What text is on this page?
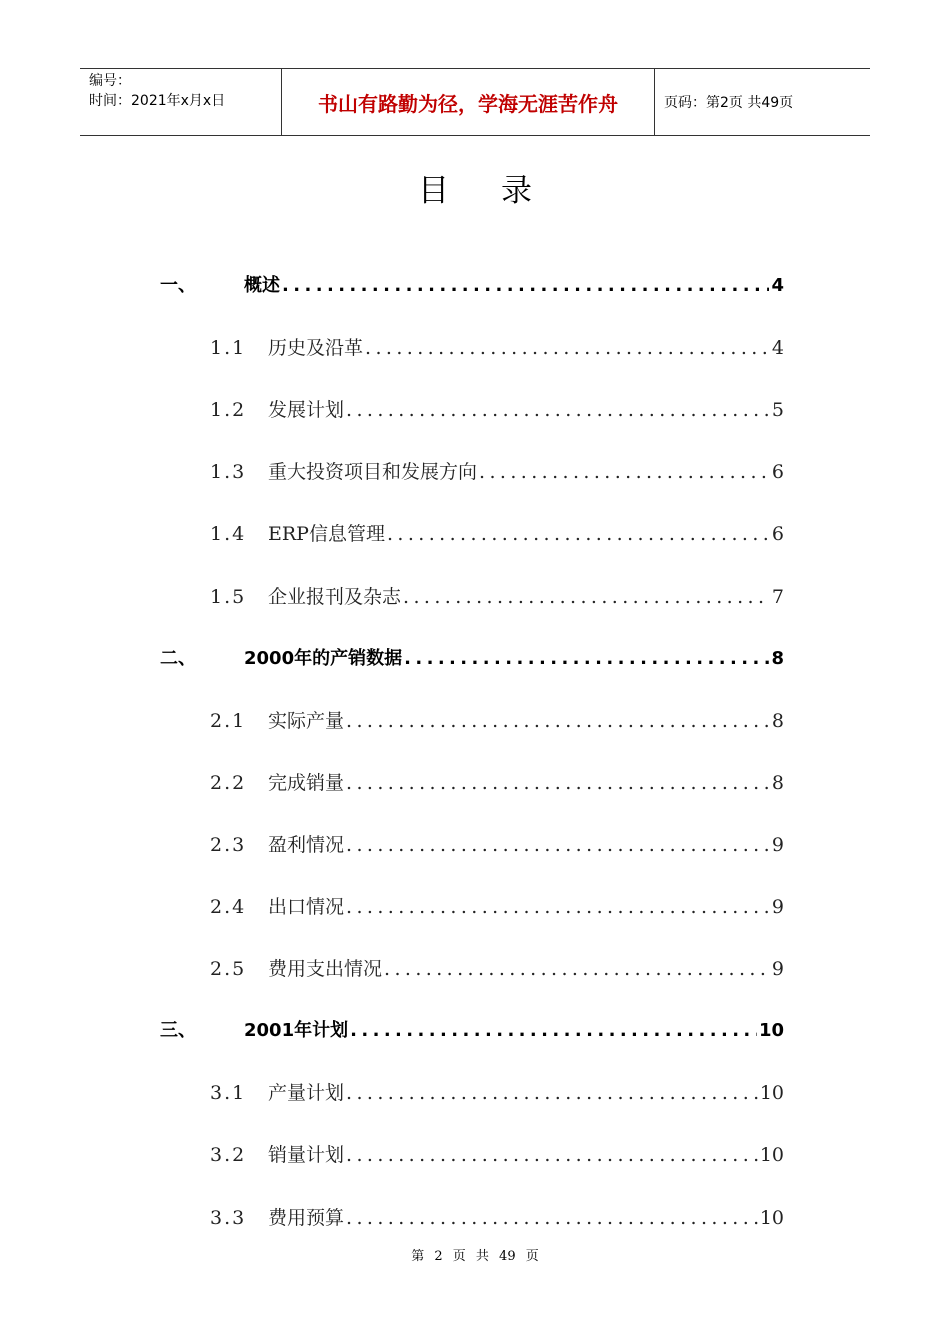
编号：
时间：2021年x月x日	书山有路勤为径，学海无涯苦作舟	页码：第2页 共49页
目录
一、	概述 .....	4
1.1	历史及沿革 .....	4
1.2	发展计划 .....	5
1.3	重大投资项目和发展方向 .....	6
1.4	ERP信息管理 .....	6
1.5	企业报刊及杂志 .....	7
二、	2000年的产销数据 .....	8
2.1	实际产量 .....	8
2.2	完成销量 .....	8
2.3	盈利情况 .....	9
2.4	出口情况 .....	9
2.5	费用支出情况 .....	9
三、	2001年计划 .....	10
3.1	产量计划 .....	10
3.2	销量计划 .....	10
3.3	费用预算 .....	10
第 2 页 共 49 页
